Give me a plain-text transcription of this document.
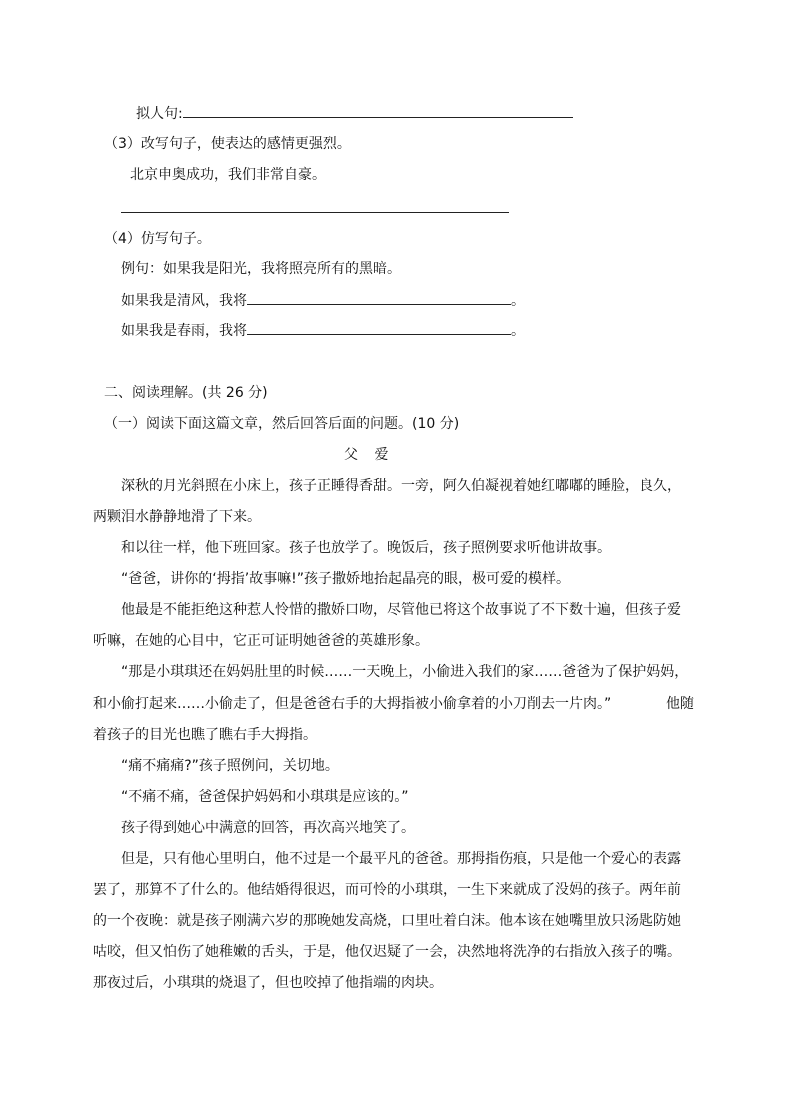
拟人句:
（3）改写句子，使表达的感情更强烈。
北京申奥成功，我们非常自豪。
（4）仿写句子。
例句：如果我是阳光，我将照亮所有的黑暗。
如果我是清风，我将	。
如果我是春雨，我将	。
二、阅读理解。(共 26 分)
（一）阅读下面这篇文章，然后回答后面的问题。(10 分)
父 爱
深秋的月光斜照在小床上，孩子正睡得香甜。一旁，阿久伯凝视着她红嘟嘟的睡脸，良久，
两颗泪水静静地滑了下来。
和以往一样，他下班回家。孩子也放学了。晚饭后，孩子照例要求听他讲故事。
“爸爸，讲你的‘拇指’故事嘛!”孩子撒娇地抬起晶亮的眼，极可爱的模样。
他最是不能拒绝这种惹人怜惜的撒娇口吻，尽管他已将这个故事说了不下数十遍，但孩子爱
听嘛，在她的心目中，它正可证明她爸爸的英雄形象。
“那是小琪琪还在妈妈肚里的时候……一天晚上，小偷进入我们的家……爸爸为了保护妈妈，
和小偷打起来……小偷走了，但是爸爸右手的大拇指被小偷拿着的小刀削去一片肉。”	他随
着孩子的目光也瞧了瞧右手大拇指。
“痛不痛痛?”孩子照例问，关切地。
“不痛不痛，爸爸保护妈妈和小琪琪是应该的。”
孩子得到她心中满意的回答，再次高兴地笑了。
但是，只有他心里明白，他不过是一个最平凡的爸爸。那拇指伤痕，只是他一个爱心的表露
罢了，那算不了什么的。他结婚得很迟，而可怜的小琪琪，一生下来就成了没妈的孩子。两年前
的一个夜晚：就是孩子刚满六岁的那晚她发高烧，口里吐着白沫。他本该在她嘴里放只汤匙防她
咕咬，但又怕伤了她稚嫩的舌头，于是，他仅迟疑了一会，决然地将洗净的右指放入孩子的嘴。
那夜过后，小琪琪的烧退了，但也咬掉了他指端的肉块。
